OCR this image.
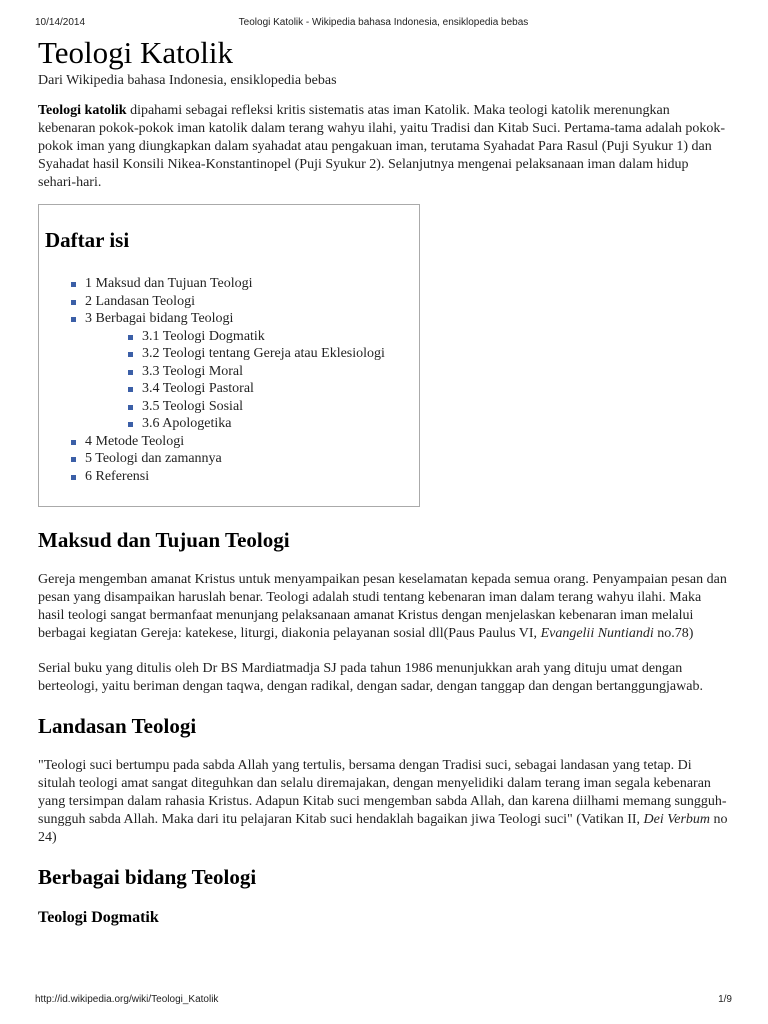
10/14/2014	Teologi Katolik - Wikipedia bahasa Indonesia, ensiklopedia bebas
Teologi Katolik
Dari Wikipedia bahasa Indonesia, ensiklopedia bebas

Teologi katolik dipahami sebagai refleksi kritis sistematis atas iman Katolik. Maka teologi katolik merenungkan kebenaran pokok-pokok iman katolik dalam terang wahyu ilahi, yaitu Tradisi dan Kitab Suci. Pertama-tama adalah pokok-pokok iman yang diungkapkan dalam syahadat atau pengakuan iman, terutama Syahadat Para Rasul (Puji Syukur 1) dan Syahadat hasil Konsili Nikea-Konstantinopel (Puji Syukur 2). Selanjutnya mengenai pelaksanaan iman dalam hidup sehari-hari.

Daftar isi
1 Maksud dan Tujuan Teologi
2 Landasan Teologi
3 Berbagai bidang Teologi
3.1 Teologi Dogmatik
3.2 Teologi tentang Gereja atau Eklesiologi
3.3 Teologi Moral
3.4 Teologi Pastoral
3.5 Teologi Sosial
3.6 Apologetika
4 Metode Teologi
5 Teologi dan zamannya
6 Referensi
Maksud dan Tujuan Teologi

Gereja mengemban amanat Kristus untuk menyampaikan pesan keselamatan kepada semua orang. Penyampaian pesan dan pesan yang disampaikan haruslah benar. Teologi adalah studi tentang kebenaran iman dalam terang wahyu ilahi. Maka hasil teologi sangat bermanfaat menunjang pelaksanaan amanat Kristus dengan menjelaskan kebenaran iman melalui berbagai kegiatan Gereja: katekese, liturgi, diakonia pelayanan sosial dll(Paus Paulus VI, Evangelii Nuntiandi no.78)

Serial buku yang ditulis oleh Dr BS Mardiatmadja SJ pada tahun 1986 menunjukkan arah yang dituju umat dengan berteologi, yaitu beriman dengan taqwa, dengan radikal, dengan sadar, dengan tanggap dan dengan bertanggungjawab.

Landasan Teologi

"Teologi suci bertumpu pada sabda Allah yang tertulis, bersama dengan Tradisi suci, sebagai landasan yang tetap. Di situlah teologi amat sangat diteguhkan dan selalu diremajakan, dengan menyelidiki dalam terang iman segala kebenaran yang tersimpan dalam rahasia Kristus. Adapun Kitab suci mengemban sabda Allah, dan karena diilhami memang sungguh-sungguh sabda Allah. Maka dari itu pelajaran Kitab suci hendaklah bagaikan jiwa Teologi suci" (Vatikan II, Dei Verbum no 24)

Berbagai bidang Teologi
Teologi Dogmatik
http://id.wikipedia.org/wiki/Teologi_Katolik	1/9
